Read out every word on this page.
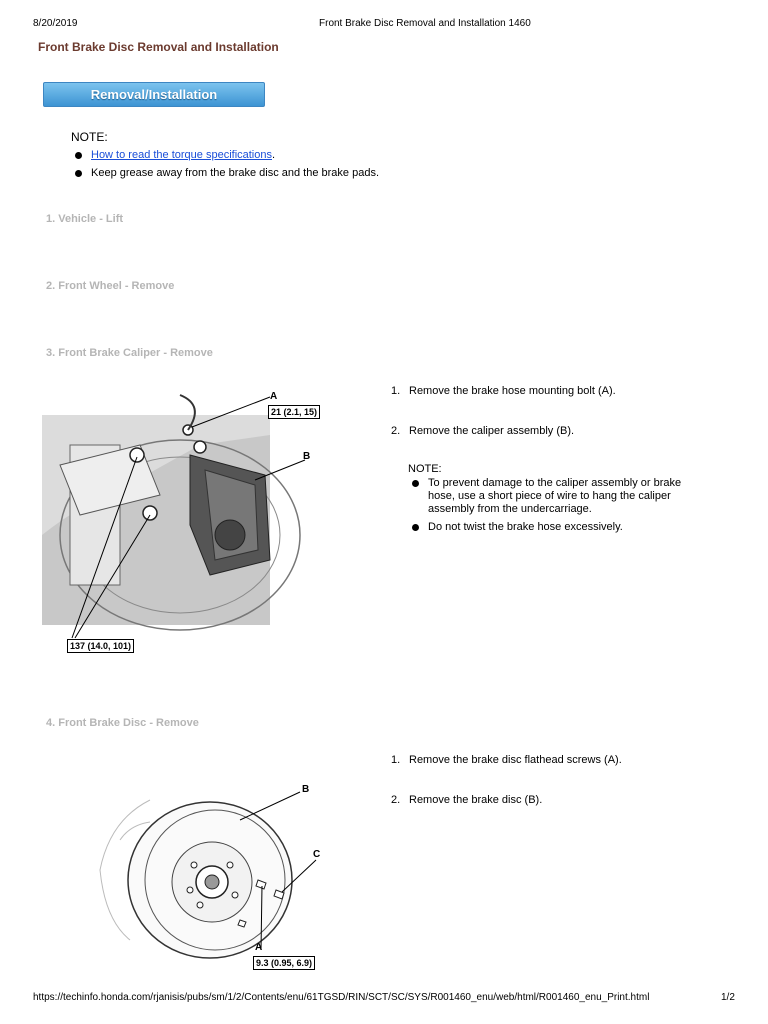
8/20/2019	Front Brake Disc Removal and Installation 1460
Front Brake Disc Removal and Installation
Removal/Installation
NOTE:
How to read the torque specifications.
Keep grease away from the brake disc and the brake pads.
1. Vehicle - Lift
2. Front Wheel - Remove
3. Front Brake Caliper - Remove
4. Front Brake Disc - Remove
A
21 (2.1, 15)
B
137 (14.0, 101)
1. Remove the brake hose mounting bolt (A).
2. Remove the caliper assembly (B).
NOTE:
To prevent damage to the caliper assembly or brake hose, use a short piece of wire to hang the caliper assembly from the undercarriage.
Do not twist the brake hose excessively.
B
C
A
9.3 (0.95, 6.9)
1. Remove the brake disc flathead screws (A).
2. Remove the brake disc (B).
https://techinfo.honda.com/rjanisis/pubs/sm/1/2/Contents/enu/61TGSD/RIN/SCT/SC/SYS/R001460_enu/web/html/R001460_enu_Print.html	1/2
